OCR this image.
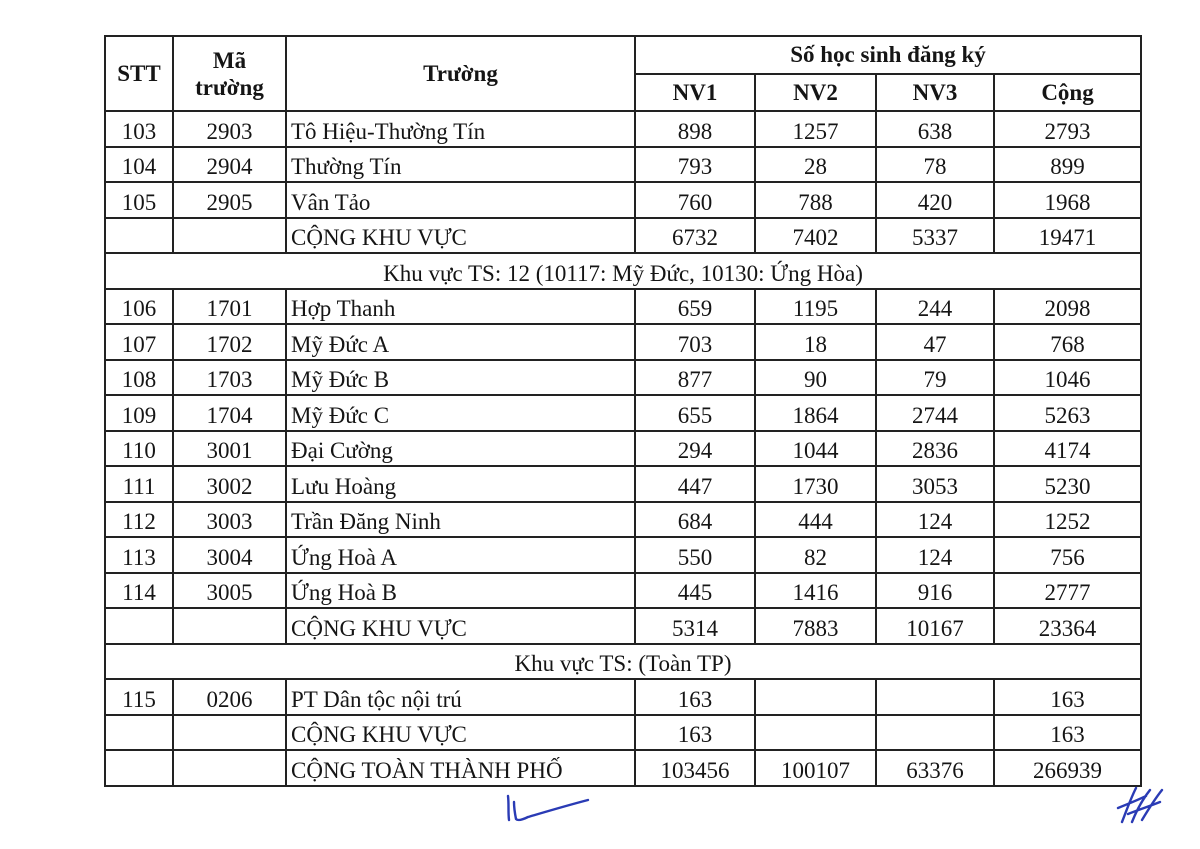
STT	Mã trường	Trường	Số học sinh đăng ký			
			NV1	NV2	NV3	Cộng
103	2903	Tô Hiệu-Thường Tín	898	1257	638	2793
104	2904	Thường Tín	793	28	78	899
105	2905	Vân Tảo	760	788	420	1968
		CỘNG KHU VỰC	6732	7402	5337	19471
Khu vực TS: 12 (10117: Mỹ Đức, 10130: Ứng Hòa)						
106	1701	Hợp Thanh	659	1195	244	2098
107	1702	Mỹ Đức A	703	18	47	768
108	1703	Mỹ Đức B	877	90	79	1046
109	1704	Mỹ Đức C	655	1864	2744	5263
110	3001	Đại Cường	294	1044	2836	4174
111	3002	Lưu Hoàng	447	1730	3053	5230
112	3003	Trần Đăng Ninh	684	444	124	1252
113	3004	Ứng Hoà A	550	82	124	756
114	3005	Ứng Hoà B	445	1416	916	2777
		CỘNG KHU VỰC	5314	7883	10167	23364
Khu vực TS: (Toàn TP)						
115	0206	PT Dân tộc nội trú	163			163
		CỘNG KHU VỰC	163			163
		CỘNG TOÀN THÀNH PHỐ	103456	100107	63376	266939
